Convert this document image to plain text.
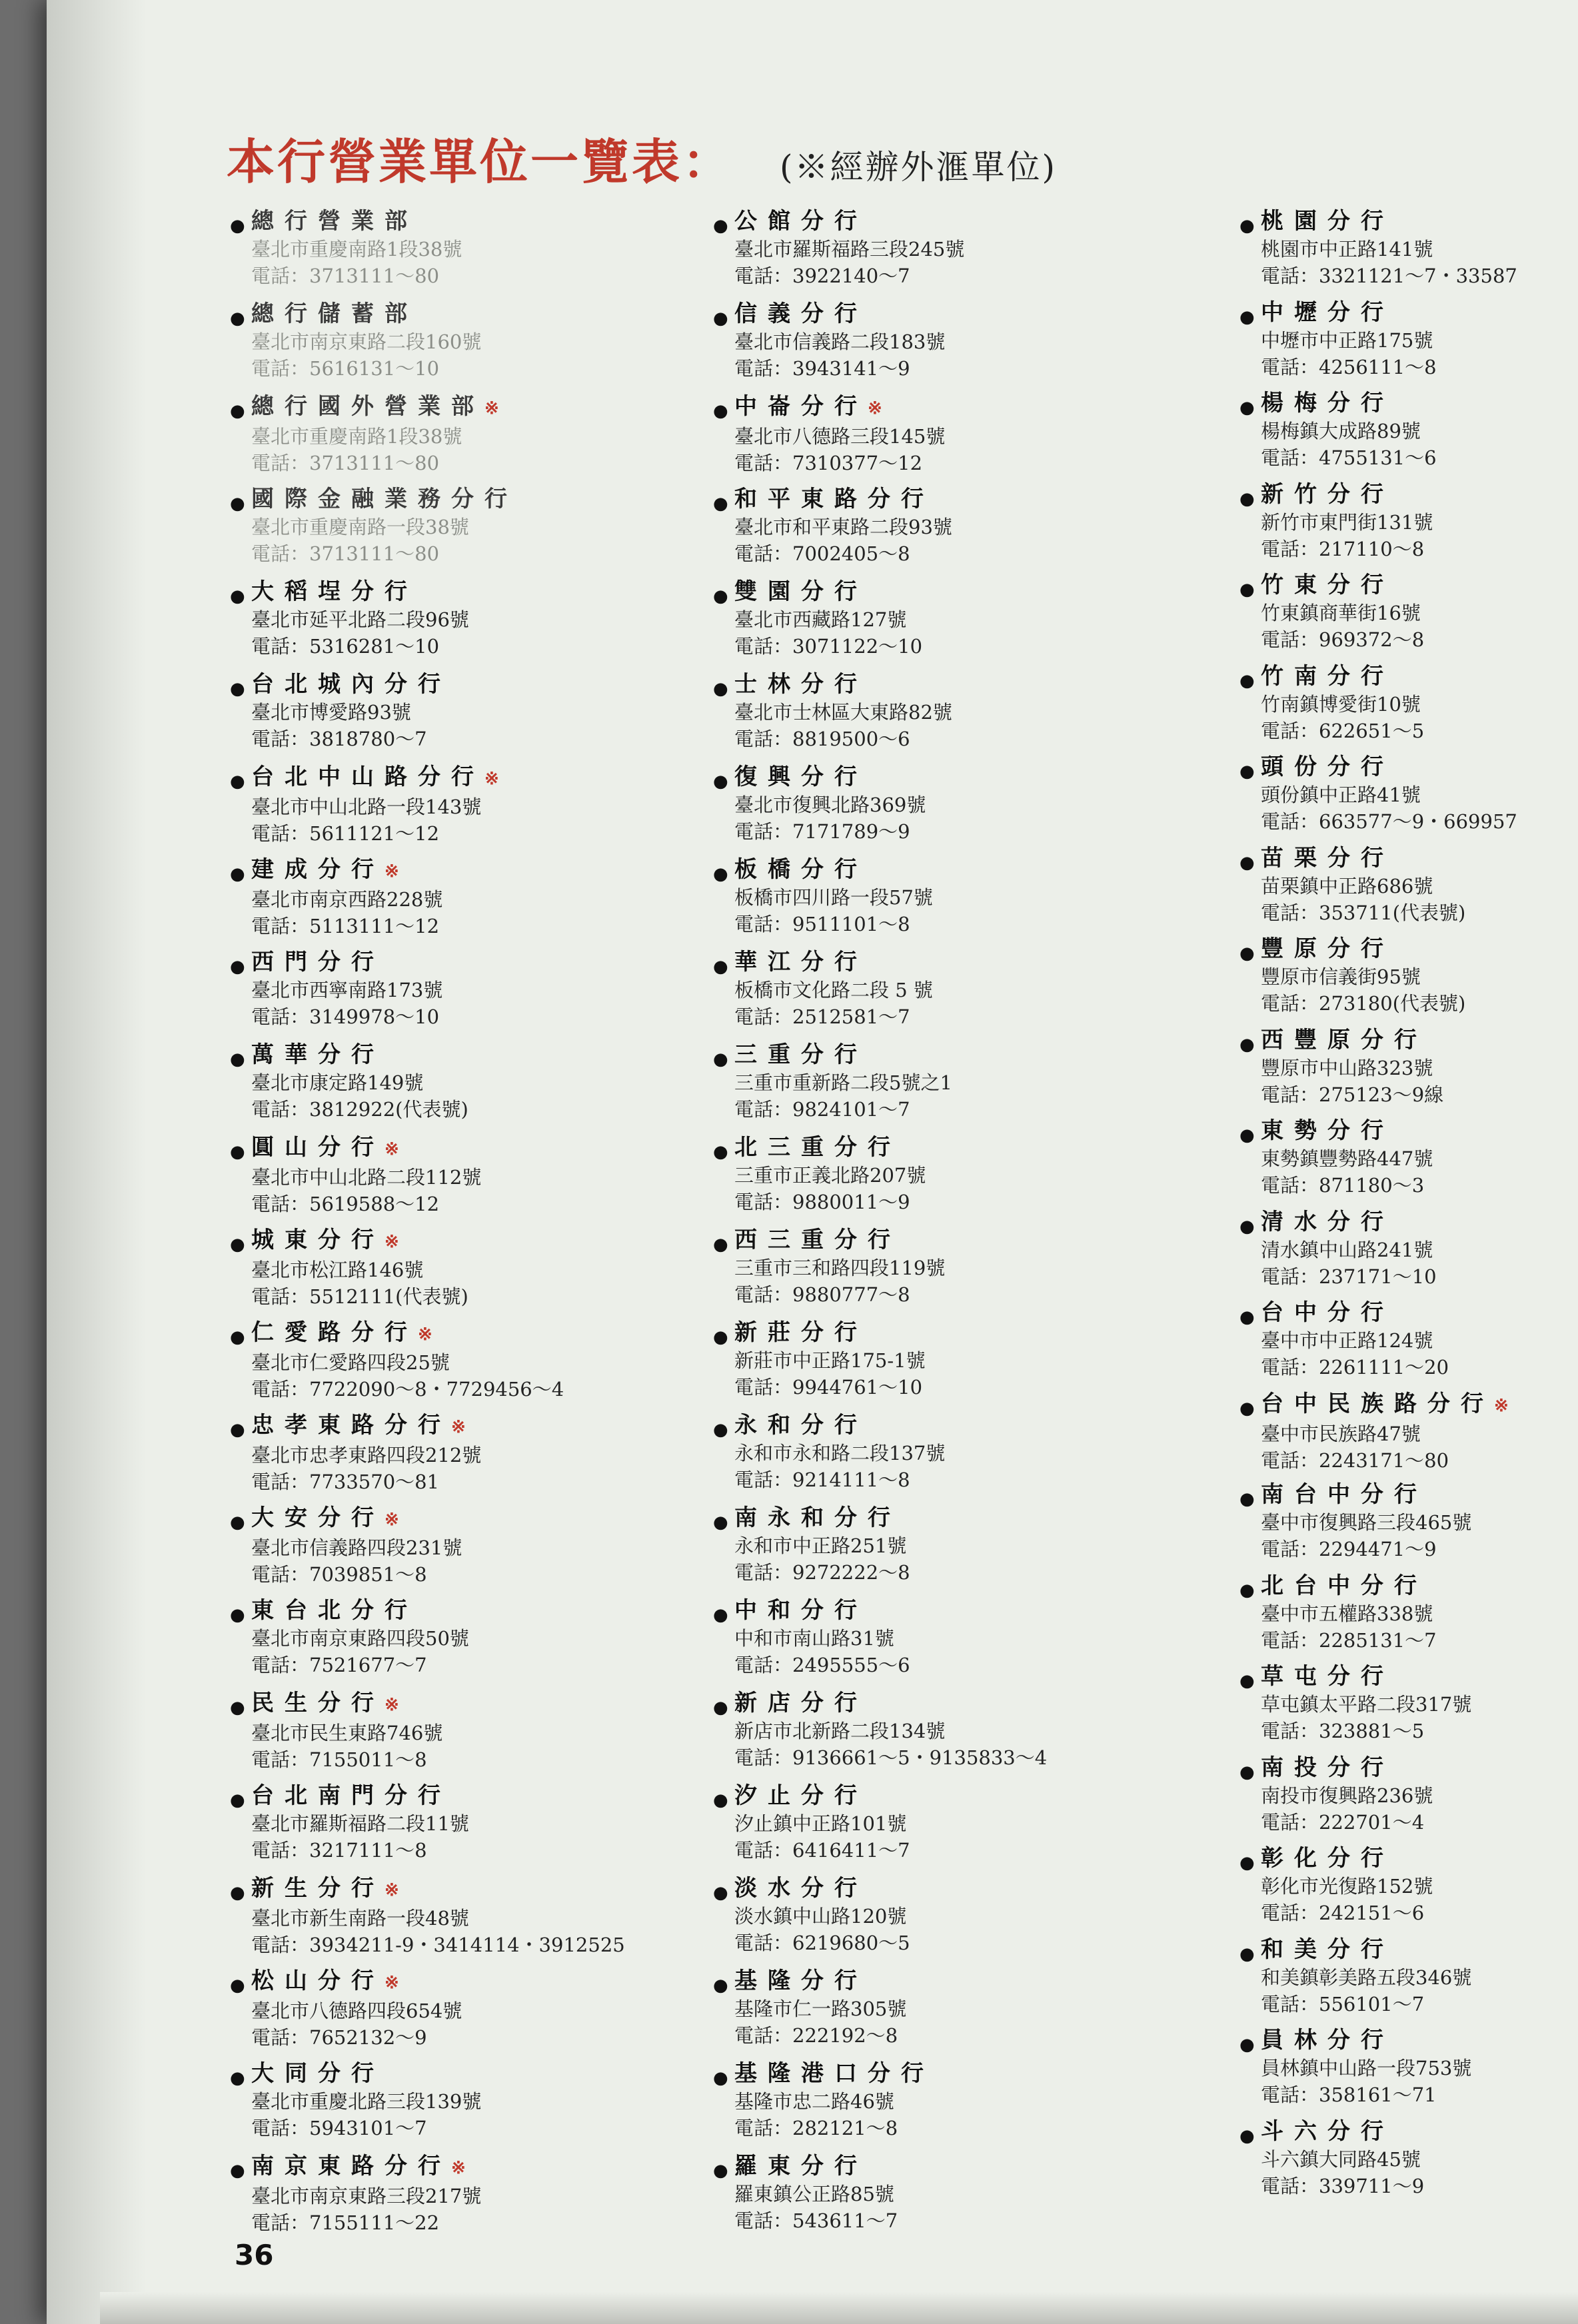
本行營業單位一覽表： (※經辦外滙單位)
● 總行營業部
臺北市重慶南路1段38號
電話：3713111～80
● 總行儲蓄部
臺北市南京東路二段160號
電話：5616131～10
● 總行國外營業部※
臺北市重慶南路1段38號
電話：3713111～80
● 國際金融業務分行
臺北市重慶南路一段38號
電話：3713111～80
● 大稻埕分行
臺北市延平北路二段96號
電話：5316281～10
● 台北城內分行
臺北市博愛路93號
電話：3818780～7
● 台北中山路分行※
臺北市中山北路一段143號
電話：5611121～12
● 建成分行※
臺北市南京西路228號
電話：5113111～12
● 西門分行
臺北市西寧南路173號
電話：3149978～10
● 萬華分行
臺北市康定路149號
電話：3812922(代表號)
● 圓山分行※
臺北市中山北路二段112號
電話：5619588～12
● 城東分行※
臺北市松江路146號
電話：5512111(代表號)
● 仁愛路分行※
臺北市仁愛路四段25號
電話：7722090～8・7729456～4
● 忠孝東路分行※
臺北市忠孝東路四段212號
電話：7733570～81
● 大安分行※
臺北市信義路四段231號
電話：7039851～8
● 東台北分行
臺北市南京東路四段50號
電話：7521677～7
● 民生分行※
臺北市民生東路746號
電話：7155011～8
● 台北南門分行
臺北市羅斯福路二段11號
電話：3217111～8
● 新生分行※
臺北市新生南路一段48號
電話：3934211-9・3414114・3912525
● 松山分行※
臺北市八德路四段654號
電話：7652132～9
● 大同分行
臺北市重慶北路三段139號
電話：5943101～7
● 南京東路分行※
臺北市南京東路三段217號
電話：7155111～22
● 公館分行
臺北市羅斯福路三段245號
電話：3922140～7
● 信義分行
臺北市信義路二段183號
電話：3943141～9
● 中崙分行※
臺北市八德路三段145號
電話：7310377～12
● 和平東路分行
臺北市和平東路二段93號
電話：7002405～8
● 雙園分行
臺北市西藏路127號
電話：3071122～10
● 士林分行
臺北市士林區大東路82號
電話：8819500～6
● 復興分行
臺北市復興北路369號
電話：7171789～9
● 板橋分行
板橋市四川路一段57號
電話：9511101～8
● 華江分行
板橋市文化路二段 5 號
電話：2512581～7
● 三重分行
三重市重新路二段5號之1
電話：9824101～7
● 北三重分行
三重市正義北路207號
電話：9880011～9
● 西三重分行
三重市三和路四段119號
電話：9880777～8
● 新莊分行
新莊市中正路175-1號
電話：9944761～10
● 永和分行
永和市永和路二段137號
電話：9214111～8
● 南永和分行
永和市中正路251號
電話：9272222～8
● 中和分行
中和市南山路31號
電話：2495555～6
● 新店分行
新店市北新路二段134號
電話：9136661～5・9135833～4
● 汐止分行
汐止鎮中正路101號
電話：6416411～7
● 淡水分行
淡水鎮中山路120號
電話：6219680～5
● 基隆分行
基隆市仁一路305號
電話：222192～8
● 基隆港口分行
基隆市忠二路46號
電話：282121～8
● 羅東分行
羅東鎮公正路85號
電話：543611～7
● 桃園分行
桃園市中正路141號
電話：3321121～7・33587
● 中壢分行
中壢市中正路175號
電話：4256111～8
● 楊梅分行
楊梅鎮大成路89號
電話：4755131～6
● 新竹分行
新竹市東門街131號
電話：217110～8
● 竹東分行
竹東鎮商華街16號
電話：969372～8
● 竹南分行
竹南鎮博愛街10號
電話：622651～5
● 頭份分行
頭份鎮中正路41號
電話：663577～9・669957
● 苗栗分行
苗栗鎮中正路686號
電話：353711(代表號)
● 豐原分行
豐原市信義街95號
電話：273180(代表號)
● 西豐原分行
豐原市中山路323號
電話：275123～9線
● 東勢分行
東勢鎮豐勢路447號
電話：871180～3
● 清水分行
清水鎮中山路241號
電話：237171～10
● 台中分行
臺中市中正路124號
電話：2261111～20
● 台中民族路分行※
臺中市民族路47號
電話：2243171～80
● 南台中分行
臺中市復興路三段465號
電話：2294471～9
● 北台中分行
臺中市五權路338號
電話：2285131～7
● 草屯分行
草屯鎮太平路二段317號
電話：323881～5
● 南投分行
南投市復興路236號
電話：222701～4
● 彰化分行
彰化市光復路152號
電話：242151～6
● 和美分行
和美鎮彰美路五段346號
電話：556101～7
● 員林分行
員林鎮中山路一段753號
電話：358161～71
● 斗六分行
斗六鎮大同路45號
電話：339711～9
36
